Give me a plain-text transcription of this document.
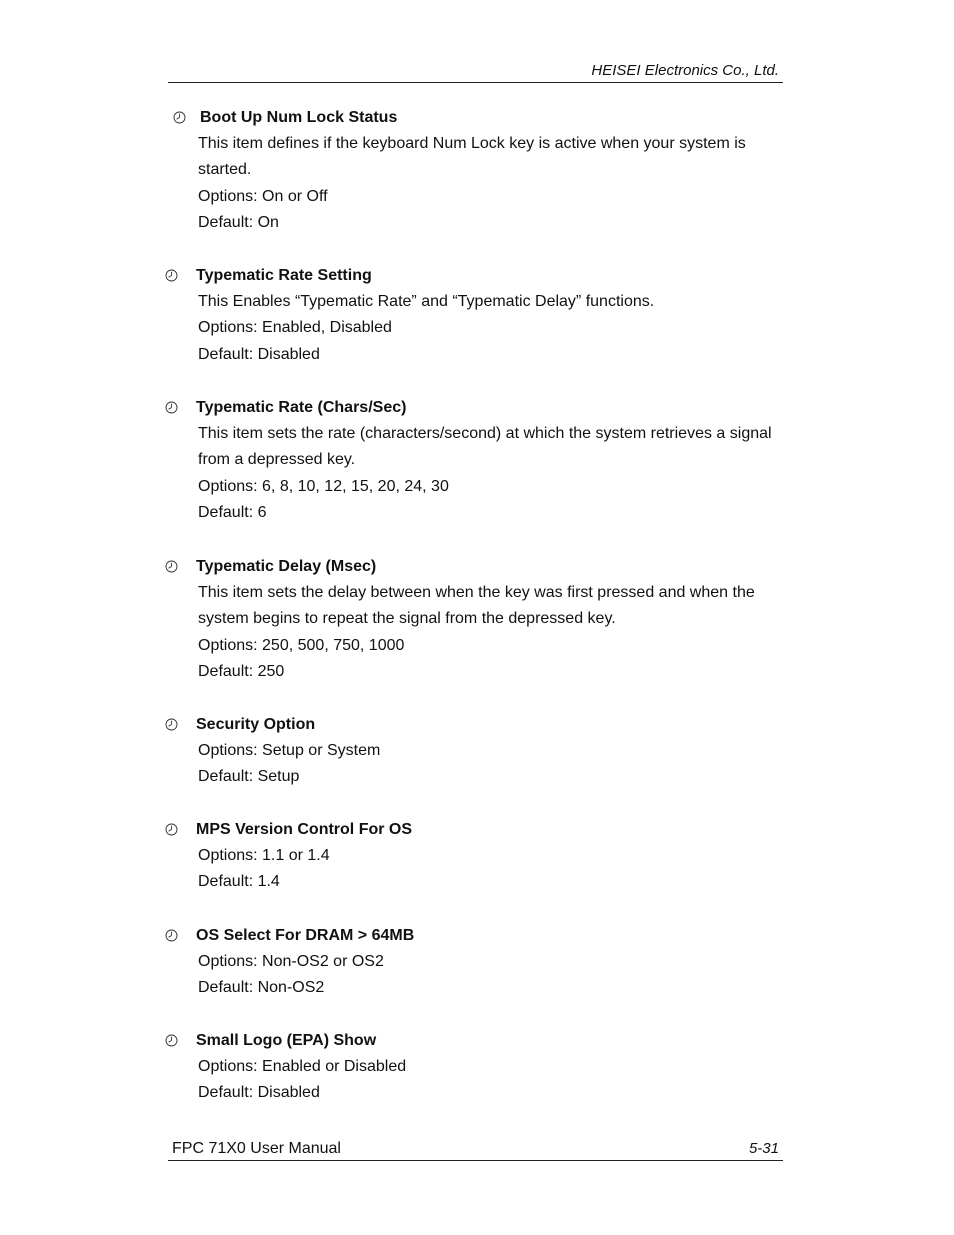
HEISEI Electronics Co., Ltd.
Boot Up Num Lock Status
This item defines if the keyboard Num Lock key is active when your system is
started.
Options: On or Off
Default: On
Typematic Rate Setting
This Enables “Typematic Rate” and “Typematic Delay” functions.
Options: Enabled, Disabled
Default: Disabled
Typematic Rate (Chars/Sec)
This item sets the rate (characters/second) at which the system retrieves a signal
from a depressed key.
Options: 6, 8, 10, 12, 15, 20, 24, 30
Default: 6
Typematic Delay (Msec)
This item sets the delay between when the key was first pressed and when the
system begins to repeat the signal from the depressed key.
Options: 250, 500, 750, 1000
Default: 250
Security Option
Options: Setup or System
Default: Setup
MPS Version Control For OS
Options: 1.1 or 1.4
Default: 1.4
OS Select For DRAM > 64MB
Options: Non-OS2 or OS2
Default: Non-OS2
Small Logo (EPA) Show
Options: Enabled or Disabled
Default: Disabled
FPC 71X0 User Manual	5-31
